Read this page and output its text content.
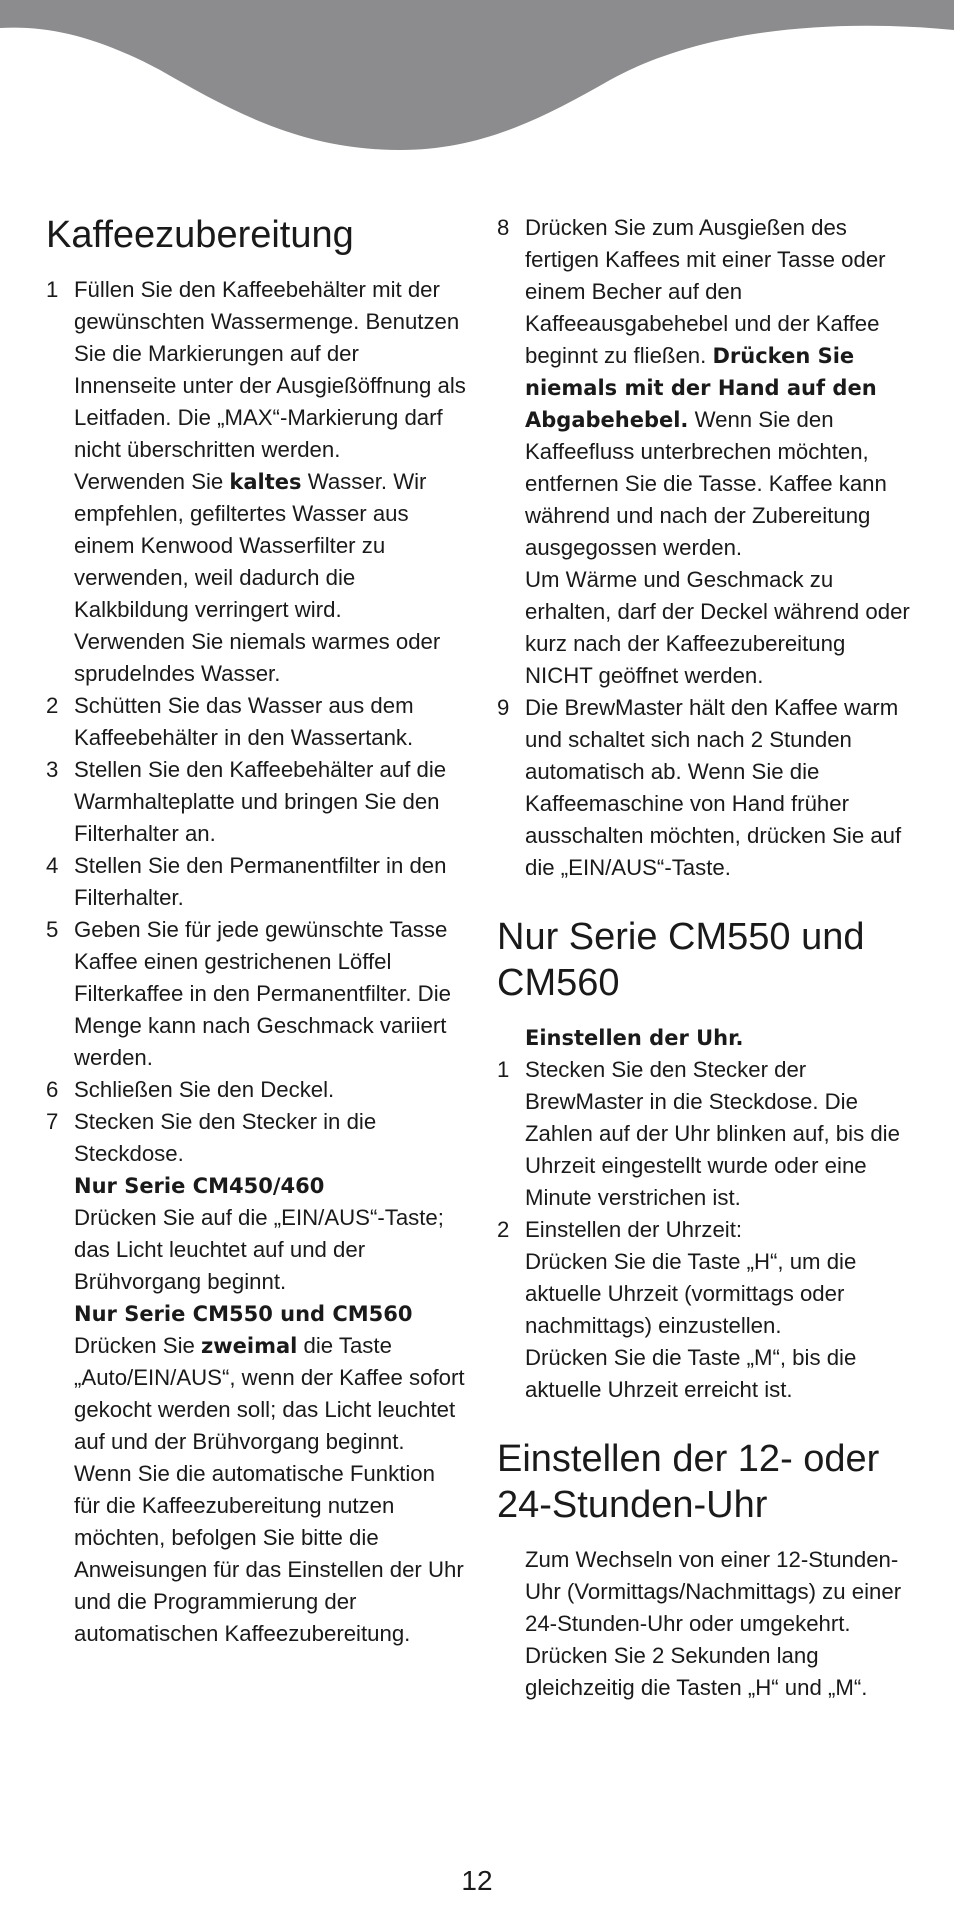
Kaffeezubereitung
1 Füllen Sie den Kaffeebehälter mit der gewünschten Wassermenge. Benutzen Sie die Markierungen auf der Innenseite unter der Ausgießöffnung als Leitfaden. Die „MAX“-Markierung darf nicht überschritten werden.
Verwenden Sie kaltes Wasser. Wir empfehlen, gefiltertes Wasser aus einem Kenwood Wasserfilter zu verwenden, weil dadurch die Kalkbildung verringert wird.
Verwenden Sie niemals warmes oder sprudelndes Wasser.
2 Schütten Sie das Wasser aus dem Kaffeebehälter in den Wassertank.
3 Stellen Sie den Kaffeebehälter auf die Warmhalteplatte und bringen Sie den Filterhalter an.
4 Stellen Sie den Permanentfilter in den Filterhalter.
5 Geben Sie für jede gewünschte Tasse Kaffee einen gestrichenen Löffel Filterkaffee in den Permanentfilter. Die Menge kann nach Geschmack variiert werden.
6 Schließen Sie den Deckel.
7 Stecken Sie den Stecker in die Steckdose.
Nur Serie CM450/460
Drücken Sie auf die „EIN/AUS“-Taste; das Licht leuchtet auf und der Brühvorgang beginnt.
Nur Serie CM550 und CM560
Drücken Sie zweimal die Taste „Auto/EIN/AUS“, wenn der Kaffee sofort gekocht werden soll; das Licht leuchtet auf und der Brühvorgang beginnt. Wenn Sie die automatische Funktion für die Kaffeezubereitung nutzen möchten, befolgen Sie bitte die Anweisungen für das Einstellen der Uhr und die Programmierung der automatischen Kaffeezubereitung.
8 Drücken Sie zum Ausgießen des fertigen Kaffees mit einer Tasse oder einem Becher auf den Kaffeeausgabehebel und der Kaffee beginnt zu fließen. Drücken Sie niemals mit der Hand auf den Abgabehebel. Wenn Sie den Kaffeefluss unterbrechen möchten, entfernen Sie die Tasse. Kaffee kann während und nach der Zubereitung ausgegossen werden.
Um Wärme und Geschmack zu erhalten, darf der Deckel während oder kurz nach der Kaffeezubereitung NICHT geöffnet werden.
9 Die BrewMaster hält den Kaffee warm und schaltet sich nach 2 Stunden automatisch ab. Wenn Sie die Kaffeemaschine von Hand früher ausschalten möchten, drücken Sie auf die „EIN/AUS“-Taste.
Nur Serie CM550 und CM560
Einstellen der Uhr.
1 Stecken Sie den Stecker der BrewMaster in die Steckdose. Die Zahlen auf der Uhr blinken auf, bis die Uhrzeit eingestellt wurde oder eine Minute verstrichen ist.
2 Einstellen der Uhrzeit:
Drücken Sie die Taste „H“, um die aktuelle Uhrzeit (vormittags oder nachmittags) einzustellen.
Drücken Sie die Taste „M“, bis die aktuelle Uhrzeit erreicht ist.
Einstellen der 12- oder 24-Stunden-Uhr
Zum Wechseln von einer 12-Stunden-Uhr (Vormittags/Nachmittags) zu einer 24-Stunden-Uhr oder umgekehrt. Drücken Sie 2 Sekunden lang gleichzeitig die Tasten „H“ und „M“.
12
